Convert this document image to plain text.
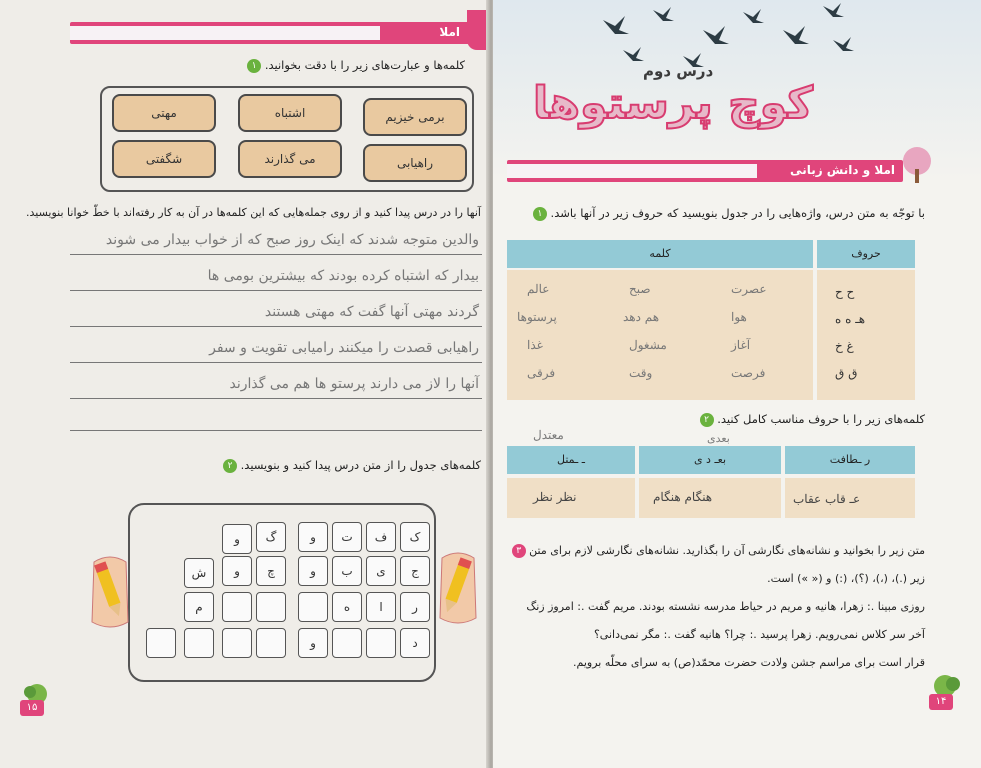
املا
کلمه‌ها و عبارت‌های زیر را با دقت بخوانید. ۱
برمی خیزیم
اشتباه
مهتی
راهیابی
می گذارند
شگفتی
آنها را در درس پیدا کنید و از روی جمله‌هایی که این کلمه‌ها در آن به کار رفته‌اند با خطّ خوانا بنویسید.
والدین متوجه شدند که اینک روز صبح که از خواب بیدار می شوند
بیدار که اشتباه کرده بودند که بیشترین بومی ها
گردند مهتی آنها گفت که مهتی هستند
راهیابی قصدت را میکنند رامیابی تقویت و سفر
آنها را لاز می دارند پرستو ها هم می گذارند
کلمه‌های جدول را از متن درس پیدا کنید و بنویسید. ۲
ک
ف
ت
و
گ
و
ج
ی
ب
و
چ
و
ش
ر
ا
ه
م
د
و
۱۵
درس دوم
کوچ پرستوها
املا و دانش زبانی
با توجّه به متن درس، واژه‌هایی را در جدول بنویسید که حروف زیر در آنها باشد. ۱
حروف
کلمه
ح ح
هـ ه ه
غ خ
ق ق
عصرت
صبح
عالم
هوا
هم دهد
پرستوها
آغاز
مشغول
غذا
فرصت
وقت
فرقی
کلمه‌های زیر را با حروف مناسب کامل کنید. ۲
معتدل	بعدی
ر ـطافت
بعـ د ی
ـ ـمتل
عـ قاب عقاب
هنگام هنگام
نظر نظر
متن زیر را بخوانید و نشانه‌های نگارشی آن را بگذارید. نشانه‌های نگارشی لازم برای متن ۳
زیر (.)، (،)، (؟)، (:) و (« ») است.
روزی مبینا .: زهرا، هانیه و مریم در حیاط مدرسه نشسته بودند. مریم گفت .: امروز زنگ
آخر سر کلاس نمی‌رویم. زهرا پرسید .: چرا؟ هانیه گفت .: مگر نمی‌دانی؟
قرار است برای مراسم جشن ولادت حضرت محمّد(ص) به سرای محلّه برویم.
۱۴
